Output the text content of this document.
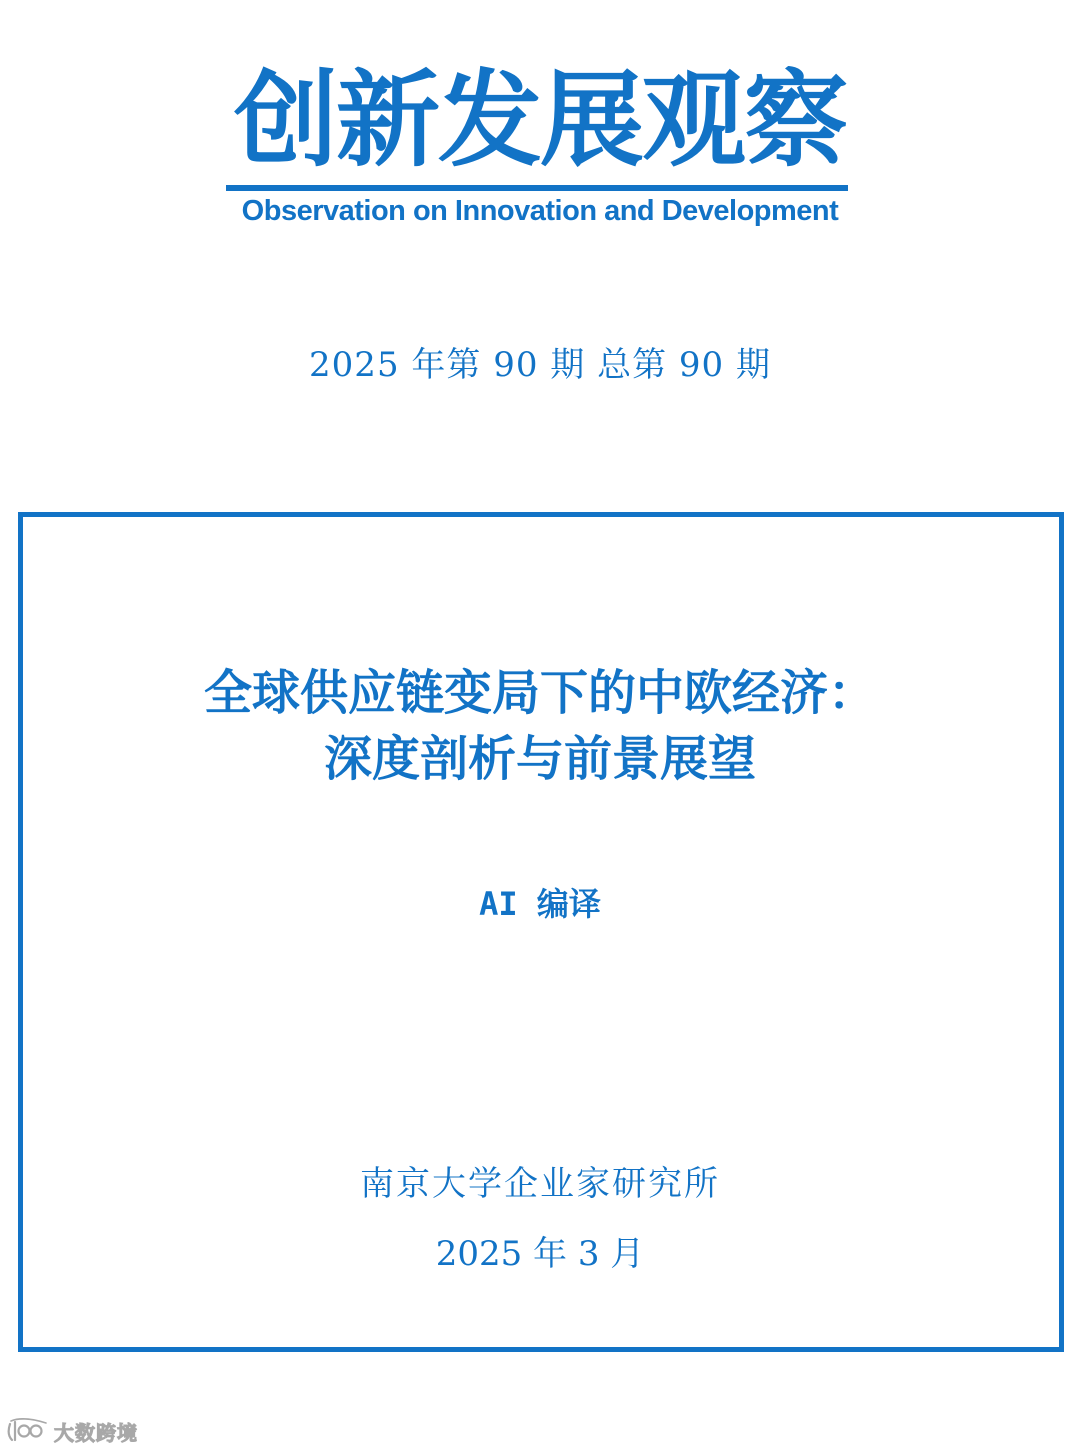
创新发展观察
Observation on Innovation and Development
2025 年第 90 期 总第 90 期
全球供应链变局下的中欧经济：
深度剖析与前景展望
AI 编译
南京大学企业家研究所
2025 年 3 月
大数跨境
